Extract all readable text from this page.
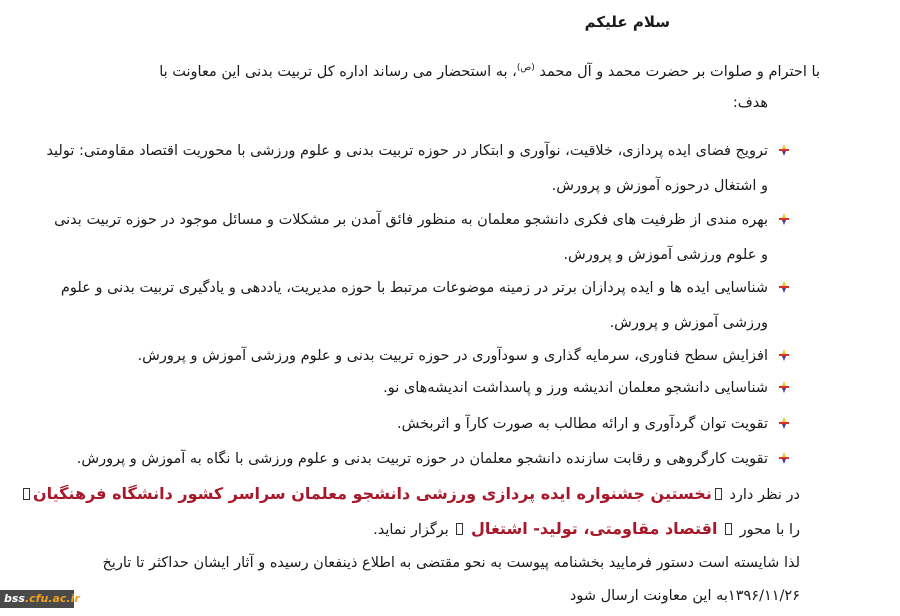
سلام علیکم
با احترام و صلوات بر حضرت محمد و آل محمد $^{(ص)}$، به استحضار می رساند اداره کل تربیت بدنی این معاونت با
هدف:
ترویج فضای ایده پردازی، خلاقیت، نوآوری و ابتکار در حوزه تربیت بدنی و علوم ورزشی با محوریت اقتصاد مقاومتی: تولید
و اشتغال درحوزه آموزش و پرورش.
بهره مندی از ظرفیت های فکری دانشجو معلمان به منظور فائق آمدن بر مشکلات و مسائل موجود در حوزه تربیت بدنی
و علوم ورزشی آموزش و پرورش.
شناسایی ایده ها و ایده پردازان برتر در زمینه موضوعات مرتبط با حوزه مدیریت، یاددهی و یادگیری تربیت بدنی و علوم
ورزشی آموزش و پرورش.
افزایش سطح فناوری، سرمایه گذاری و سودآوری در حوزه تربیت بدنی و علوم ورزشی آموزش و پرورش.
شناسایی دانشجو معلمان اندیشه ورز و پاسداشت اندیشه‌های نو.
تقویت توان گردآوری و ارائه مطالب به صورت کارآ و اثربخش.
تقویت کارگروهی و رقابت سازنده دانشجو معلمان در حوزه تربیت بدنی و علوم ورزشی با نگاه به آموزش و پرورش.
در نظر دارد نخستین جشنواره ایده پردازی ورزشی دانشجو معلمان سراسر کشور دانشگاه فرهنگیان
را با محور  اقتصاد مقاومتی، تولید- اشتغال  برگزار نماید.
لذا شایسته است دستور فرمایید بخشنامه پیوست به نحو مقتضی به اطلاع ذینفعان رسیده و آثار ایشان حداکثر تا تاریخ
۱۳۹۶/۱۱/۲۶به این معاونت ارسال شود
bss.cfu.ac.ir
